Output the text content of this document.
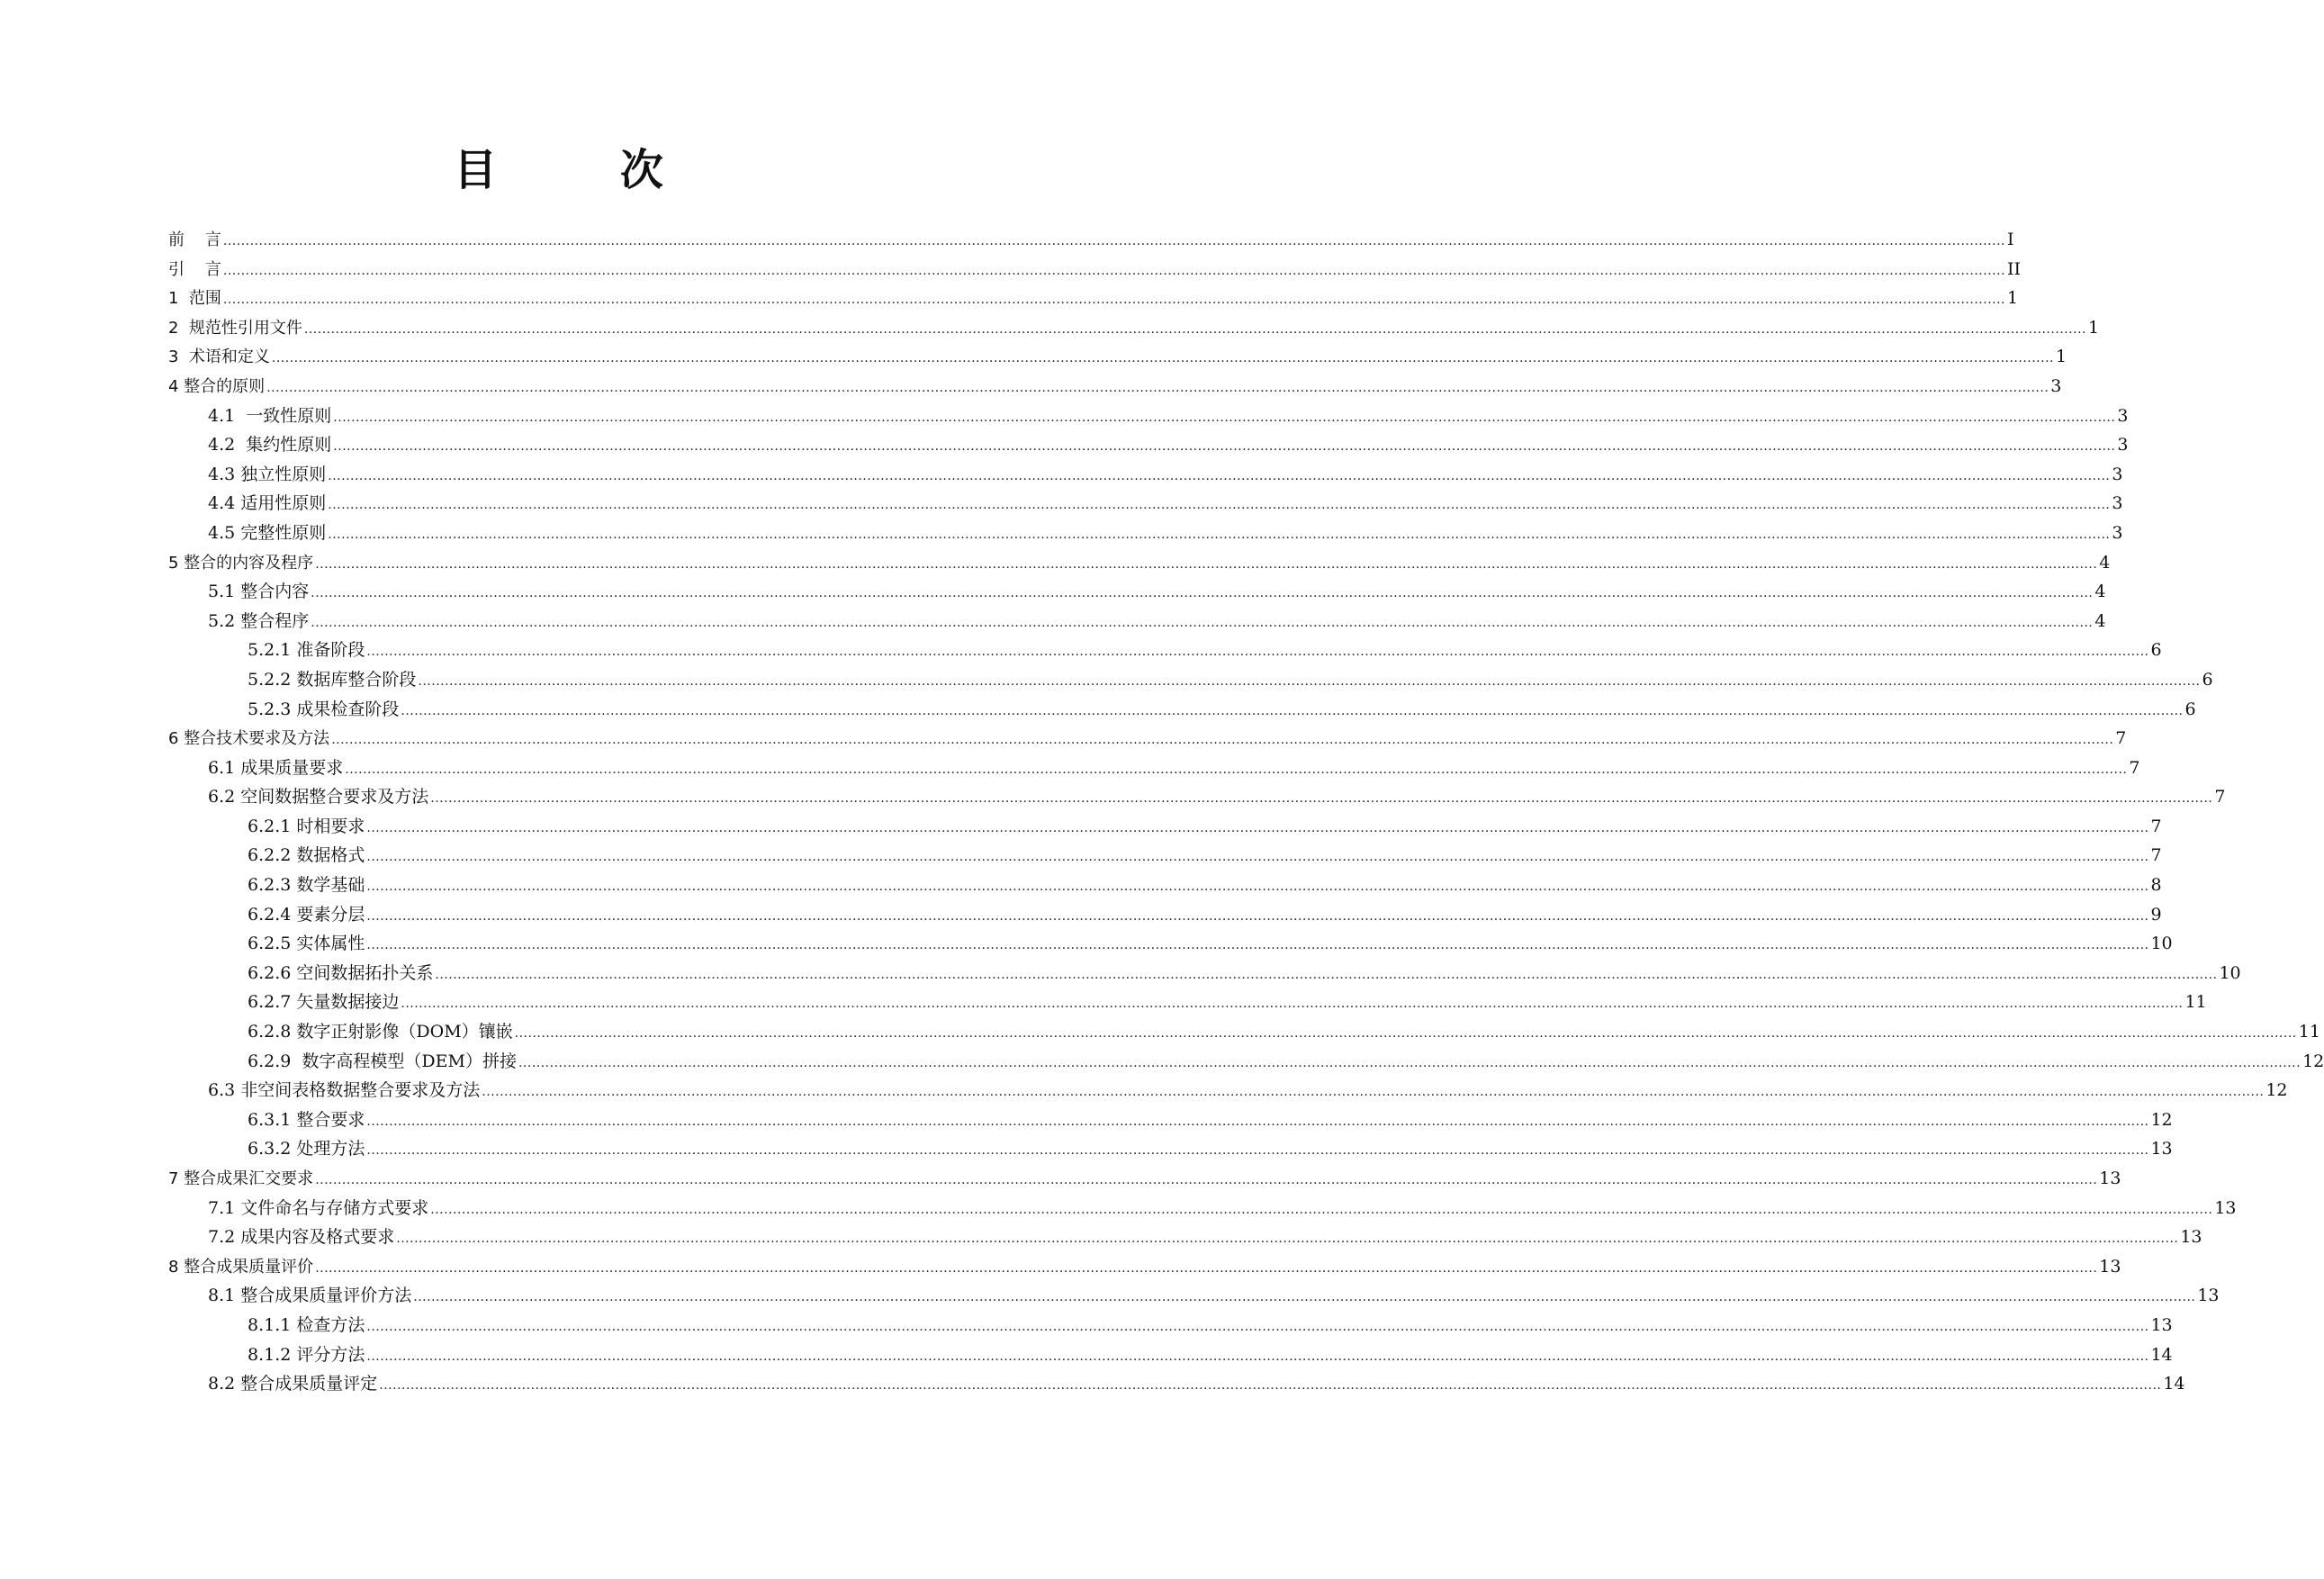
目 次
前    言 ................................................................................................................................................................................................................................................................................................................................................................................................................ I
引    言 ................................................................................................................................................................................................................................................................................................................................................................................................................ II
1  范围 ................................................................................................................................................................................................................................................................................................................................................................................................................ 1
2  规范性引用文件 ................................................................................................................................................................................................................................................................................................................................................................................................................ 1
3  术语和定义 ................................................................................................................................................................................................................................................................................................................................................................................................................ 1
4 整合的原则 ................................................................................................................................................................................................................................................................................................................................................................................................................ 3
4.1  一致性原则 ................................................................................................................................................................................................................................................................................................................................................................................................................ 3
4.2  集约性原则 ................................................................................................................................................................................................................................................................................................................................................................................................................ 3
4.3 独立性原则 ................................................................................................................................................................................................................................................................................................................................................................................................................ 3
4.4 适用性原则 ................................................................................................................................................................................................................................................................................................................................................................................................................ 3
4.5 完整性原则 ................................................................................................................................................................................................................................................................................................................................................................................................................ 3
5 整合的内容及程序 ................................................................................................................................................................................................................................................................................................................................................................................................................ 4
5.1 整合内容 ................................................................................................................................................................................................................................................................................................................................................................................................................ 4
5.2 整合程序 ................................................................................................................................................................................................................................................................................................................................................................................................................ 4
5.2.1 准备阶段 ................................................................................................................................................................................................................................................................................................................................................................................................................ 6
5.2.2 数据库整合阶段 ................................................................................................................................................................................................................................................................................................................................................................................................................ 6
5.2.3 成果检查阶段 ................................................................................................................................................................................................................................................................................................................................................................................................................ 6
6 整合技术要求及方法 ................................................................................................................................................................................................................................................................................................................................................................................................................ 7
6.1 成果质量要求 ................................................................................................................................................................................................................................................................................................................................................................................................................ 7
6.2 空间数据整合要求及方法 ................................................................................................................................................................................................................................................................................................................................................................................................................ 7
6.2.1 时相要求 ................................................................................................................................................................................................................................................................................................................................................................................................................ 7
6.2.2 数据格式 ................................................................................................................................................................................................................................................................................................................................................................................................................ 7
6.2.3 数学基础 ................................................................................................................................................................................................................................................................................................................................................................................................................ 8
6.2.4 要素分层 ................................................................................................................................................................................................................................................................................................................................................................................................................ 9
6.2.5 实体属性 ................................................................................................................................................................................................................................................................................................................................................................................................................ 10
6.2.6 空间数据拓扑关系 ................................................................................................................................................................................................................................................................................................................................................................................................................ 10
6.2.7 矢量数据接边 ................................................................................................................................................................................................................................................................................................................................................................................................................ 11
6.2.8 数字正射影像（DOM）镶嵌 ................................................................................................................................................................................................................................................................................................................................................................................................................ 11
6.2.9  数字高程模型（DEM）拼接 ................................................................................................................................................................................................................................................................................................................................................................................................................ 12
6.3 非空间表格数据整合要求及方法 ................................................................................................................................................................................................................................................................................................................................................................................................................ 12
6.3.1 整合要求 ................................................................................................................................................................................................................................................................................................................................................................................................................ 12
6.3.2 处理方法 ................................................................................................................................................................................................................................................................................................................................................................................................................ 13
7 整合成果汇交要求 ................................................................................................................................................................................................................................................................................................................................................................................................................ 13
7.1 文件命名与存储方式要求 ................................................................................................................................................................................................................................................................................................................................................................................................................ 13
7.2 成果内容及格式要求 ................................................................................................................................................................................................................................................................................................................................................................................................................ 13
8 整合成果质量评价 ................................................................................................................................................................................................................................................................................................................................................................................................................ 13
8.1 整合成果质量评价方法 ................................................................................................................................................................................................................................................................................................................................................................................................................ 13
8.1.1 检查方法 ................................................................................................................................................................................................................................................................................................................................................................................................................ 13
8.1.2 评分方法 ................................................................................................................................................................................................................................................................................................................................................................................................................ 14
8.2 整合成果质量评定 ................................................................................................................................................................................................................................................................................................................................................................................................................ 14
